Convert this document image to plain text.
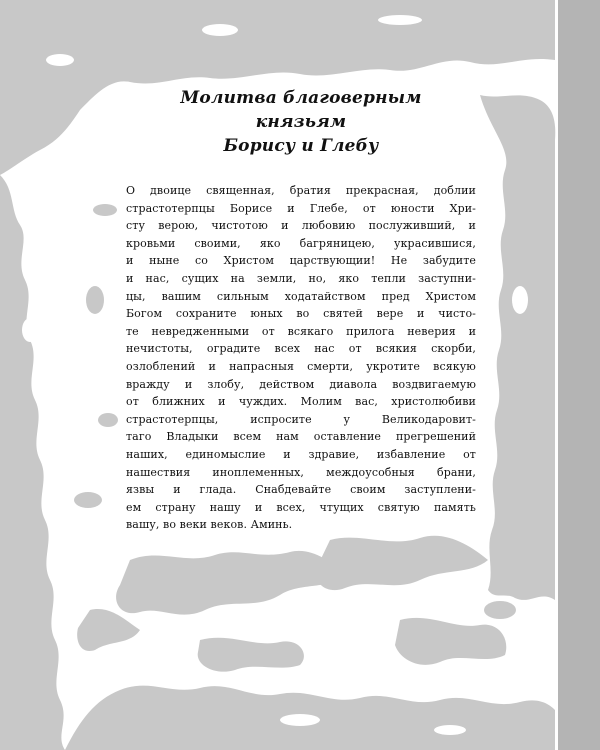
Молитва благоверным
князьям
Борису и Глебу
О двоице священная, братия прекрасная, доблии
страстотерпцы Борисе и Глебе, от юности Хри-
сту верою, чистотою и любовию послуживший, и
кровьми своими, яко багряницею, украсившися,
и ныне со Христом царствующии! Не забудите
и нас, сущих на земли, но, яко тепли заступни-
цы, вашим сильным ходатайством пред Христом
Богом сохраните юных во святей вере и чисто-
те невредженными от всякаго прилога неверия и
нечистоты, оградите всех нас от всякия скорби,
озлоблений и напрасныя смерти, укротите всякую
вражду и злобу, действом диавола воздвигаемую
от ближних и чуждих. Молим вас, христолюбиви
страстотерпцы, испросите у Великодаровит-
таго Владыки всем нам оставление прегрешений
наших, единомыслие и здравие, избавление от
нашествия иноплеменных, междоусобныя брани,
язвы и глада. Снабдевайте своим заступлени-
ем страну нашу и всех, чтущих святую память
вашу, во веки веков. Аминь.
